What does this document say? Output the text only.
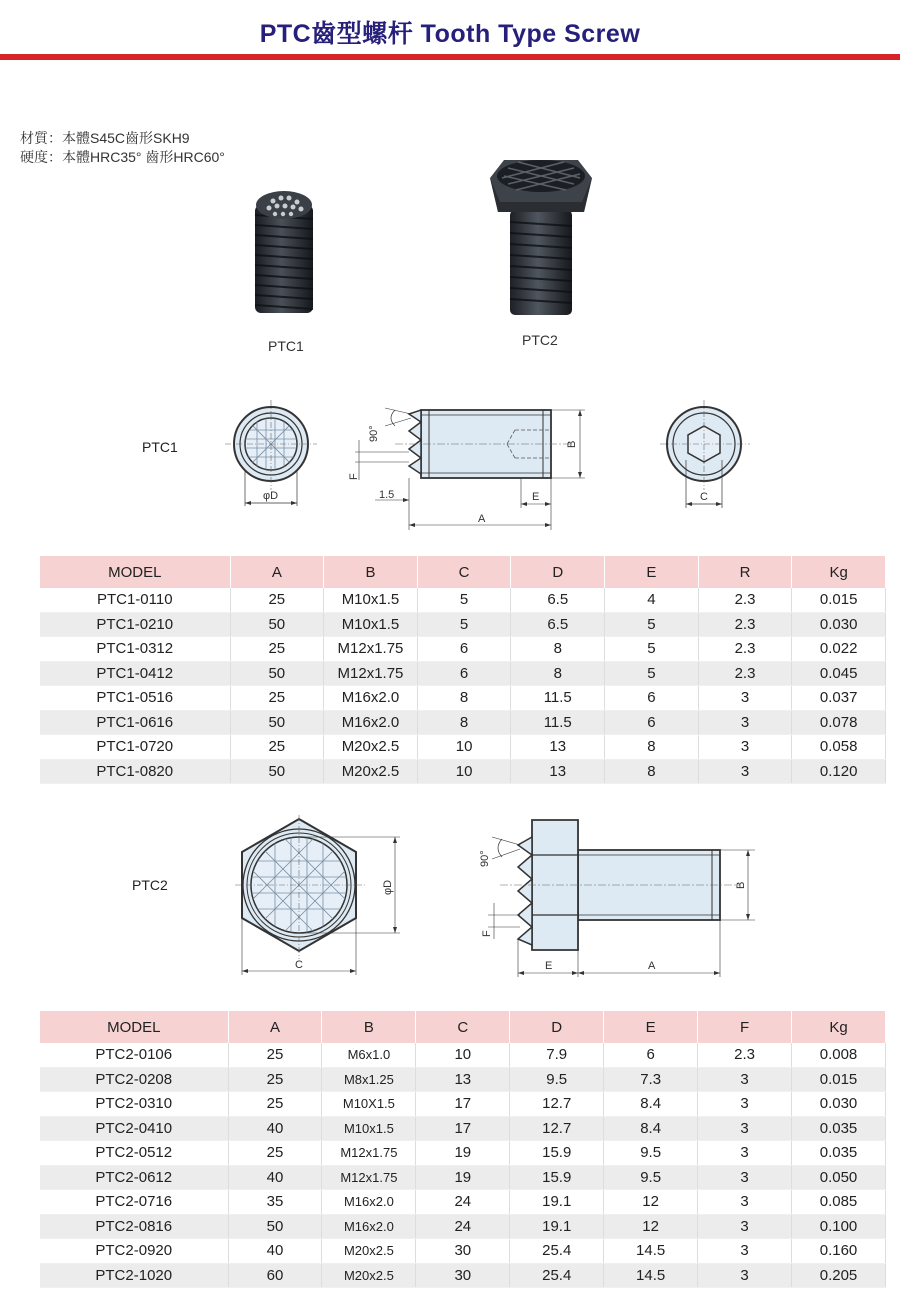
PTC齒型螺杆 Tooth Type Screw
材質：本體S45C齒形SKH9
硬度：本體HRC35° 齒形HRC60°
PTC1	PTC2
PTC1
φD
90°
F
1.5	E
A
B
C
MODEL	A	B	C	D	E	R	Kg
PTC1-0110	25	M10x1.5	5	6.5	4	2.3	0.015
PTC1-0210	50	M10x1.5	5	6.5	5	2.3	0.030
PTC1-0312	25	M12x1.75	6	8	5	2.3	0.022
PTC1-0412	50	M12x1.75	6	8	5	2.3	0.045
PTC1-0516	25	M16x2.0	8	11.5	6	3	0.037
PTC1-0616	50	M16x2.0	8	11.5	6	3	0.078
PTC1-0720	25	M20x2.5	10	13	8	3	0.058
PTC1-0820	50	M20x2.5	10	13	8	3	0.120
PTC2	φD
C
90°
F
E	A
B
MODEL	A	B	C	D	E	F	Kg
PTC2-0106	25	M6x1.0	10	7.9	6	2.3	0.008
PTC2-0208	25	M8x1.25	13	9.5	7.3	3	0.015
PTC2-0310	25	M10X1.5	17	12.7	8.4	3	0.030
PTC2-0410	40	M10x1.5	17	12.7	8.4	3	0.035
PTC2-0512	25	M12x1.75	19	15.9	9.5	3	0.035
PTC2-0612	40	M12x1.75	19	15.9	9.5	3	0.050
PTC2-0716	35	M16x2.0	24	19.1	12	3	0.085
PTC2-0816	50	M16x2.0	24	19.1	12	3	0.100
PTC2-0920	40	M20x2.5	30	25.4	14.5	3	0.160
PTC2-1020	60	M20x2.5	30	25.4	14.5	3	0.205
